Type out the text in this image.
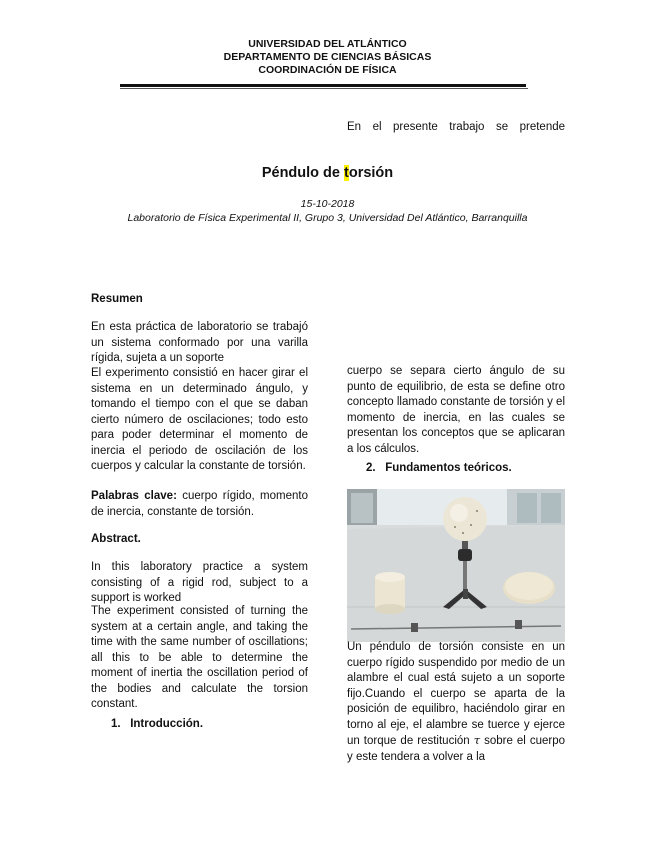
UNIVERSIDAD DEL ATLÁNTICO
DEPARTAMENTO DE CIENCIAS BÁSICAS
COORDINACIÓN DE FÍSICA
En el presente trabajo se pretende
Péndulo de torsión
15-10-2018
Laboratorio de Física Experimental II, Grupo 3, Universidad Del Atlántico, Barranquilla
Resumen
En esta práctica de laboratorio se trabajó un sistema conformado por una varilla rígida, sujeta a un soporte
El experimento consistió en hacer girar el sistema en un determinado ángulo, y tomando el tiempo con el que se daban cierto número de oscilaciones; todo esto para poder determinar el momento de inercia el periodo de oscilación de los cuerpos y calcular la constante de torsión.
Palabras clave: cuerpo rígido, momento de inercia, constante de torsión.
Abstract.
In this laboratory practice a system consisting of a rigid rod, subject to a support is worked
The experiment consisted of turning the system at a certain angle, and taking the time with the same number of oscillations; all this to be able to determine the moment of inertia the oscillation period of the bodies and calculate the torsion constant.
1. Introducción.
cuerpo se separa cierto ángulo de su punto de equilibrio, de esta se define otro concepto llamado constante de torsión y el momento de inercia, en las cuales se presentan los conceptos que se aplicaran a los cálculos.
2. Fundamentos teóricos.
Un péndulo de torsión consiste en un cuerpo rígido suspendido por medio de un alambre el cual está sujeto a un soporte fijo.Cuando el cuerpo se aparta de la posición de equilibro, haciéndolo girar en torno al eje, el alambre se tuerce y ejerce un torque de restitución τ sobre el cuerpo y este tendera a volver a la
